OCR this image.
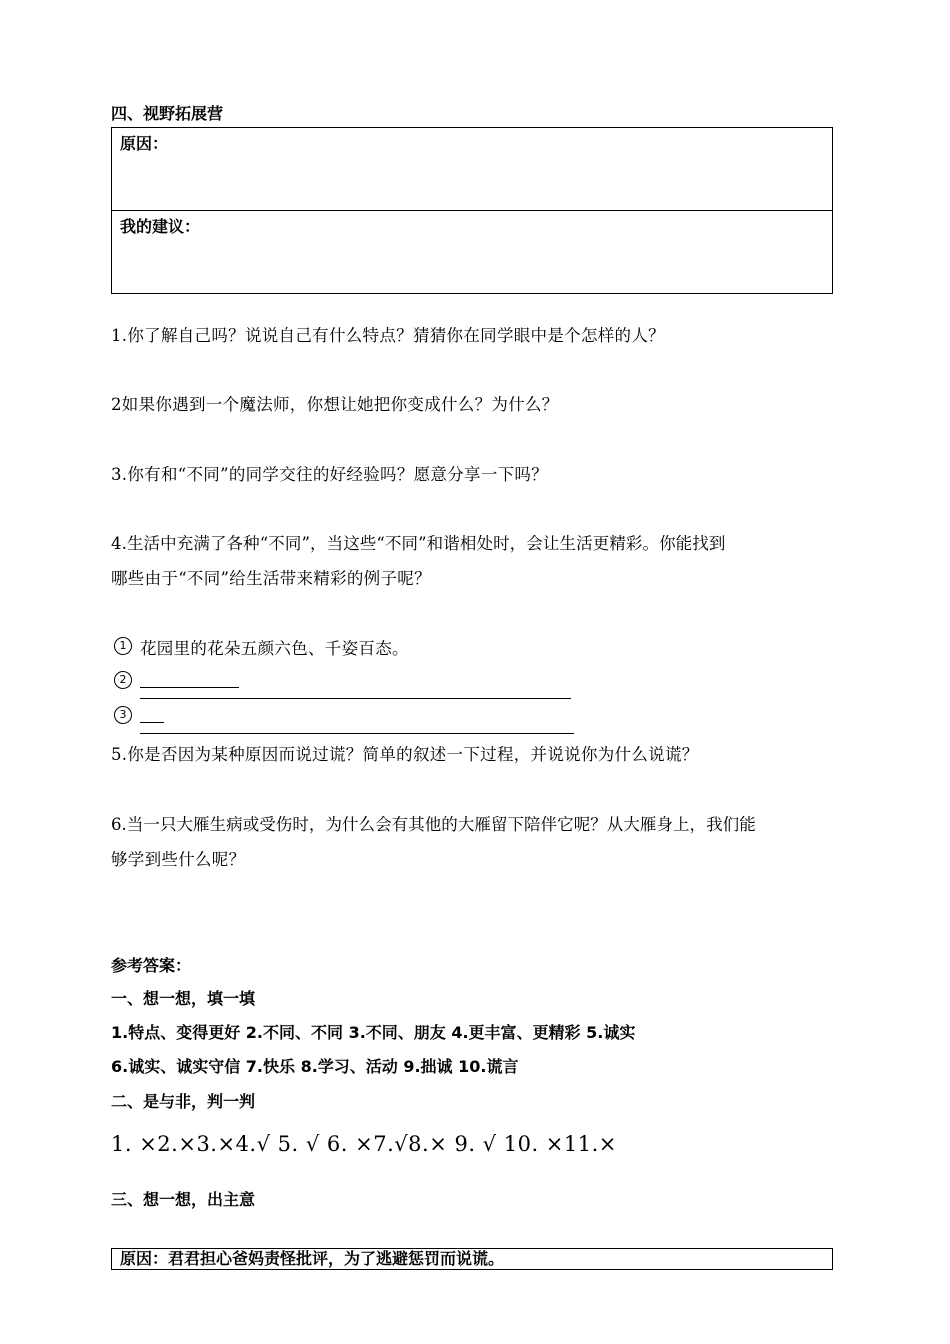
四、视野拓展营
原因：
我的建议：
1.你了解自己吗？说说自己有什么特点？猜猜你在同学眼中是个怎样的人？
2如果你遇到一个魔法师，你想让她把你变成什么？为什么？
3.你有和“不同”的同学交往的好经验吗？愿意分享一下吗？
4.生活中充满了各种“不同”，当这些“不同”和谐相处时，会让生活更精彩。你能找到
哪些由于“不同”给生活带来精彩的例子呢？
1 花园里的花朵五颜六色、千姿百态。
2
3
5.你是否因为某种原因而说过谎？简单的叙述一下过程，并说说你为什么说谎？
6.当一只大雁生病或受伤时，为什么会有其他的大雁留下陪伴它呢？从大雁身上，我们能
够学到些什么呢？
参考答案：
一、想一想，填一填
1.特点、变得更好 2.不同、不同 3.不同、朋友 4.更丰富、更精彩 5.诚实
6.诚实、诚实守信 7.快乐 8.学习、活动 9.拙诚 10.谎言
二、是与非，判一判
1. ×2.×3.×4.√ 5. √ 6. ×7.√8.× 9. √ 10. ×11.×
三、想一想，出主意
原因：君君担心爸妈责怪批评，为了逃避惩罚而说谎。
